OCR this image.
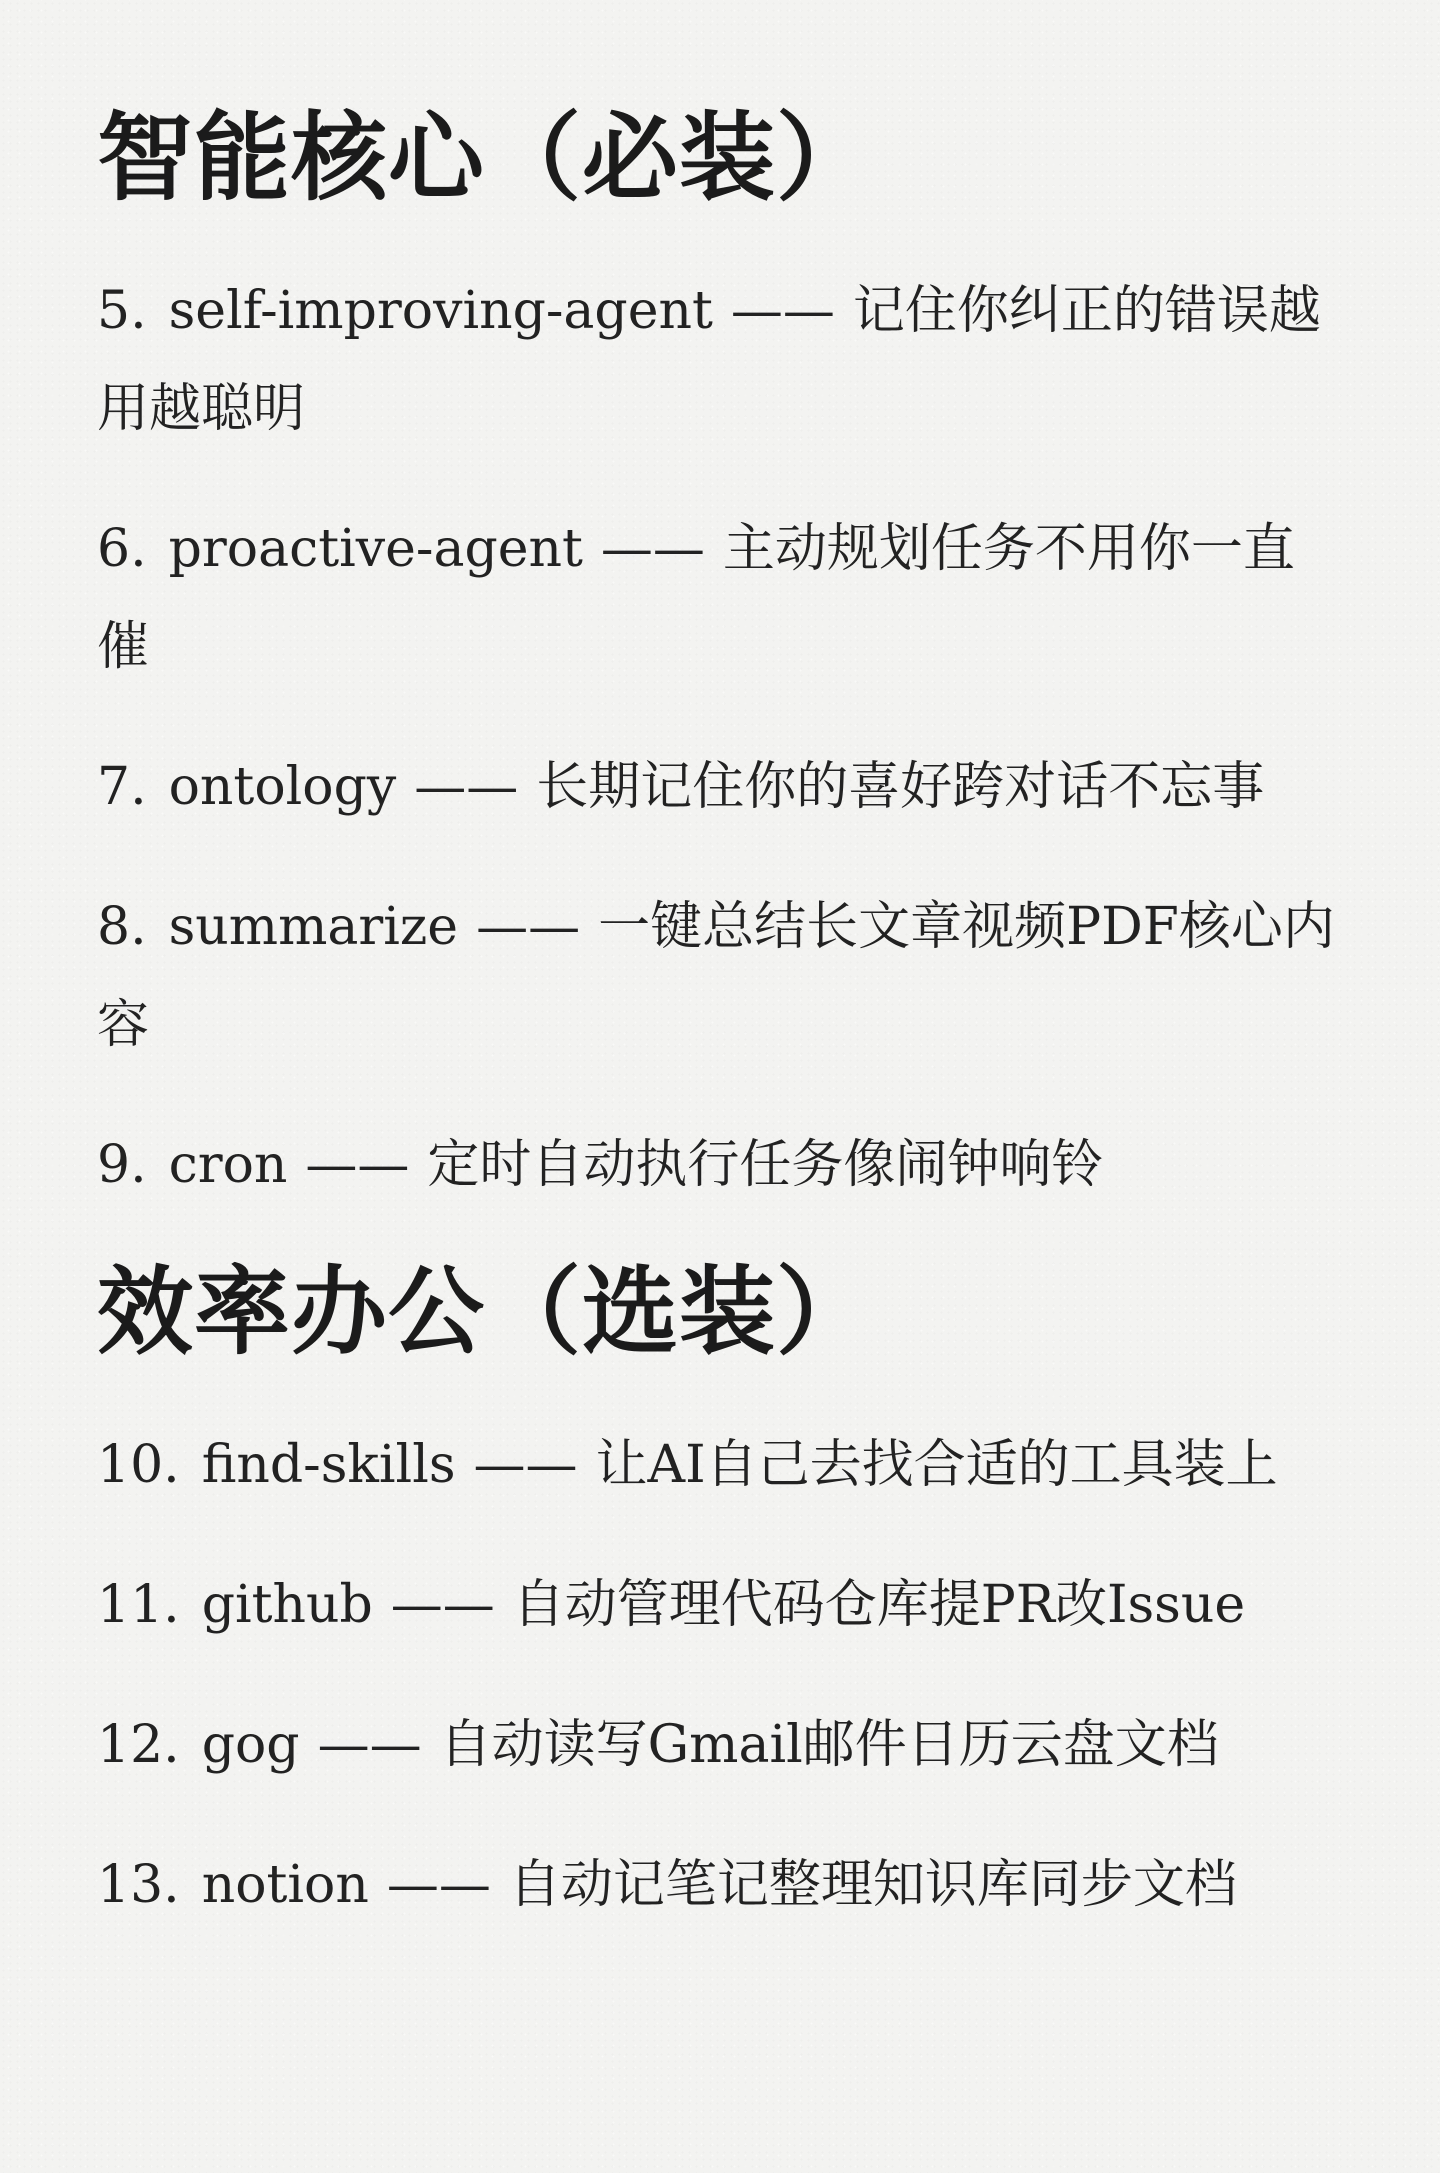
智能核心（必装）
5. self-improving-agent —— 记住你纠正的错误越用越聪明
6. proactive-agent —— 主动规划任务不用你一直催
7. ontology —— 长期记住你的喜好跨对话不忘事
8. summarize —— 一键总结长文章视频PDF核心内容
9. cron —— 定时自动执行任务像闹钟响铃
效率办公（选装）
10. find-skills —— 让AI自己去找合适的工具装上
11. github —— 自动管理代码仓库提PR改Issue
12. gog —— 自动读写Gmail邮件日历云盘文档
13. notion —— 自动记笔记整理知识库同步文档
